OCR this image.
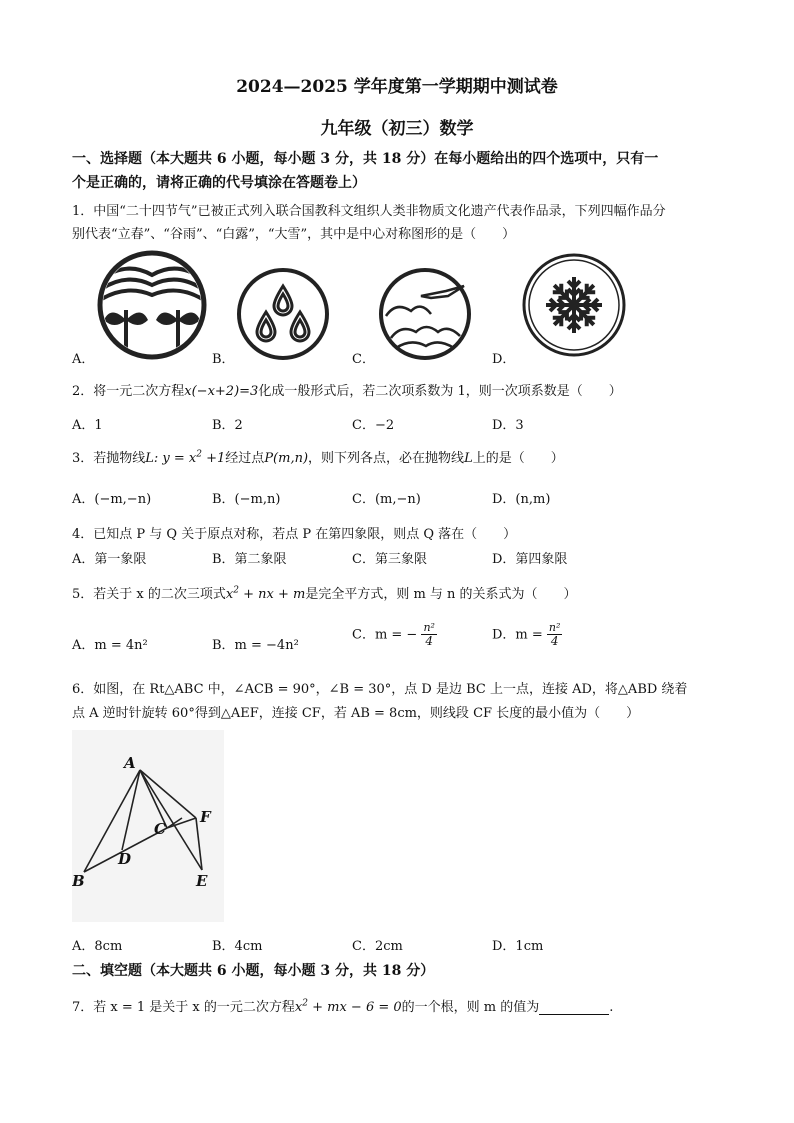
2024—2025 学年度第一学期期中测试卷
九年级（初三）数学
一、选择题（本大题共 6 小题，每小题 3 分，共 18 分）在每小题给出的四个选项中，只有一
个是正确的，请将正确的代号填涂在答题卷上）
1．中国“二十四节气”已被正式列入联合国教科文组织人类非物质文化遗产代表作品录，下列四幅作品分
别代表“立春”、“谷雨”、“白露”，“大雪”，其中是中心对称图形的是（　　）
A．	B．	C．	D．
2．将一元二次方程x(−x+2)=3化成一般形式后，若二次项系数为 1，则一次项系数是（　　）
A．1	B．2	C．−2	D．3
3．若抛物线L: $y = x^2 +1$经过点P(m,n)，则下列各点，必在抛物线L上的是（　　）
A．(−m,−n)	B．(−m,n)	C．(m,−n)	D．(n,m)
4．已知点 P 与 Q 关于原点对称，若点 P 在第四象限，则点 Q 落在（　　）
A．第一象限	B．第二象限	C．第三象限	D．第四象限
5．若关于 x 的二次三项式$x^2$ + nx + m是完全平方式，则 m 与 n 的关系式为（　　）
A．m = 4n²	B．m = −4n²
C．m = − $\frac{\text{n²}}{4}$	D．$m = \frac{\text{n²}}{4}$
6．如图，在 Rt△ABC 中，∠ACB = 90°，∠B = 30°，点 D 是边 BC 上一点，连接 AD，将△ABD 绕着
点 A 逆时针旋转 60°得到△AEF，连接 CF，若 AB = 8cm，则线段 CF 长度的最小值为（　　）
A
B
C
D
E
F
A．8cm	B．4cm	C．2cm	D．1cm
二、填空题（本大题共 6 小题，每小题 3 分，共 18 分）
7．若 x = 1 是关于 x 的一元二次方程$x^2$ + mx − 6 = 0的一个根，则 m 的值为	.
